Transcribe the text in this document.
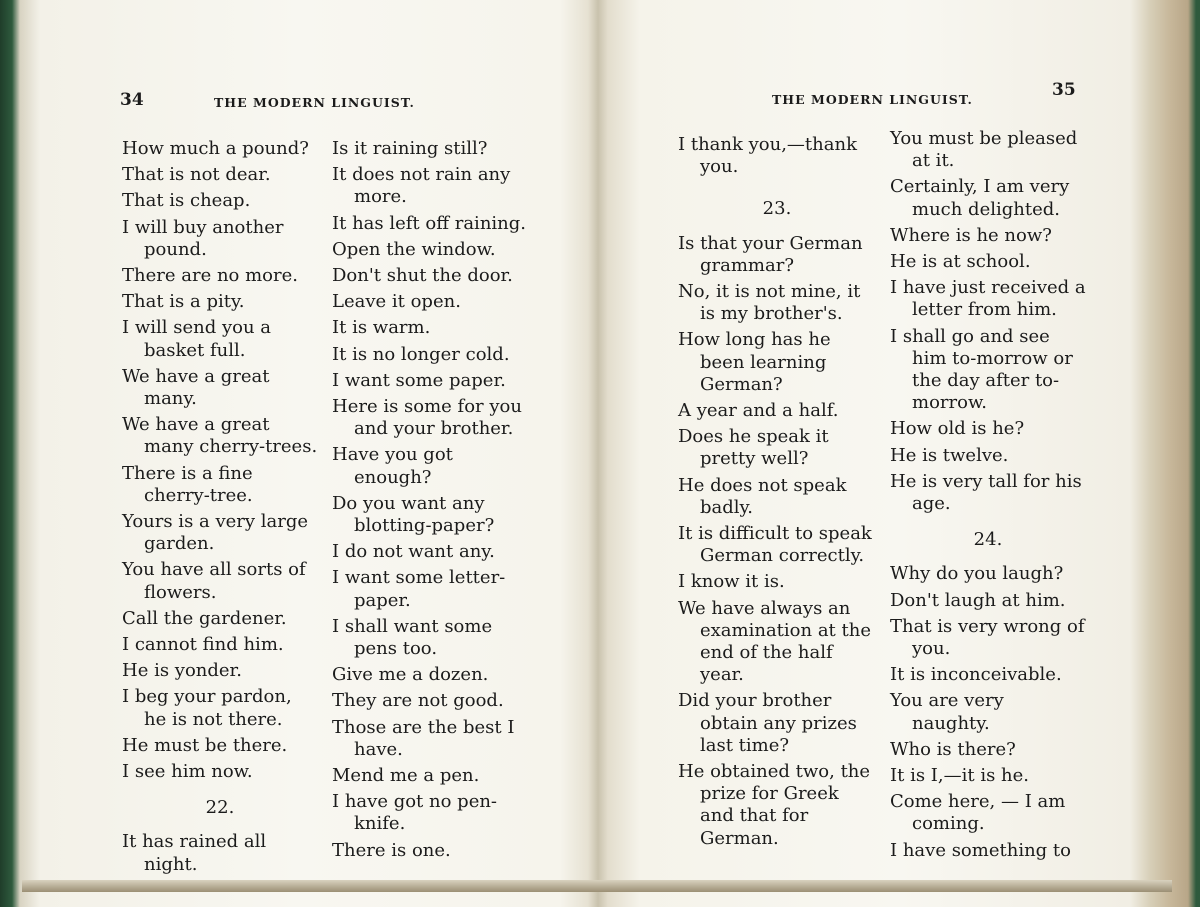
34	THE MODERN LINGUIST.

How much a pound?

That is not dear.

That is cheap.

I will buy another pound.

There are no more.

That is a pity.

I will send you a basket full.

We have a great many.

We have a great many cherry-trees.

There is a fine cherry-tree.

Yours is a very large garden.

You have all sorts of flowers.

Call the gardener.

I cannot find him.

He is yonder.

I beg your pardon, he is not there.

He must be there.

I see him now.

22.

It has rained all night.

Is it raining still?

It does not rain any more.

It has left off raining.

Open the window.

Don't shut the door.

Leave it open.

It is warm.

It is no longer cold.

I want some paper.

Here is some for you and your brother.

Have you got enough?

Do you want any blotting-paper?

I do not want any.

I want some letter-paper.

I shall want some pens too.

Give me a dozen.

They are not good.

Those are the best I have.

Mend me a pen.

I have got no pen-knife.

There is one.

THE MODERN LINGUIST.	35

I thank you,—thank you.

23.

Is that your German grammar?

No, it is not mine, it is my brother's.

How long has he been learning German?

A year and a half.

Does he speak it pretty well?

He does not speak badly.

It is difficult to speak German correctly.

I know it is.

We have always an examination at the end of the half year.

Did your brother obtain any prizes last time?

He obtained two, the prize for Greek and that for German.

You must be pleased at it.

Certainly, I am very much delighted.

Where is he now?

He is at school.

I have just received a letter from him.

I shall go and see him to-morrow or the day after to-morrow.

How old is he?

He is twelve.

He is very tall for his age.

24.

Why do you laugh?

Don't laugh at him.

That is very wrong of you.

It is inconceivable.

You are very naughty.

Who is there?

It is I,—it is he.

Come here, — I am coming.

I have something to
